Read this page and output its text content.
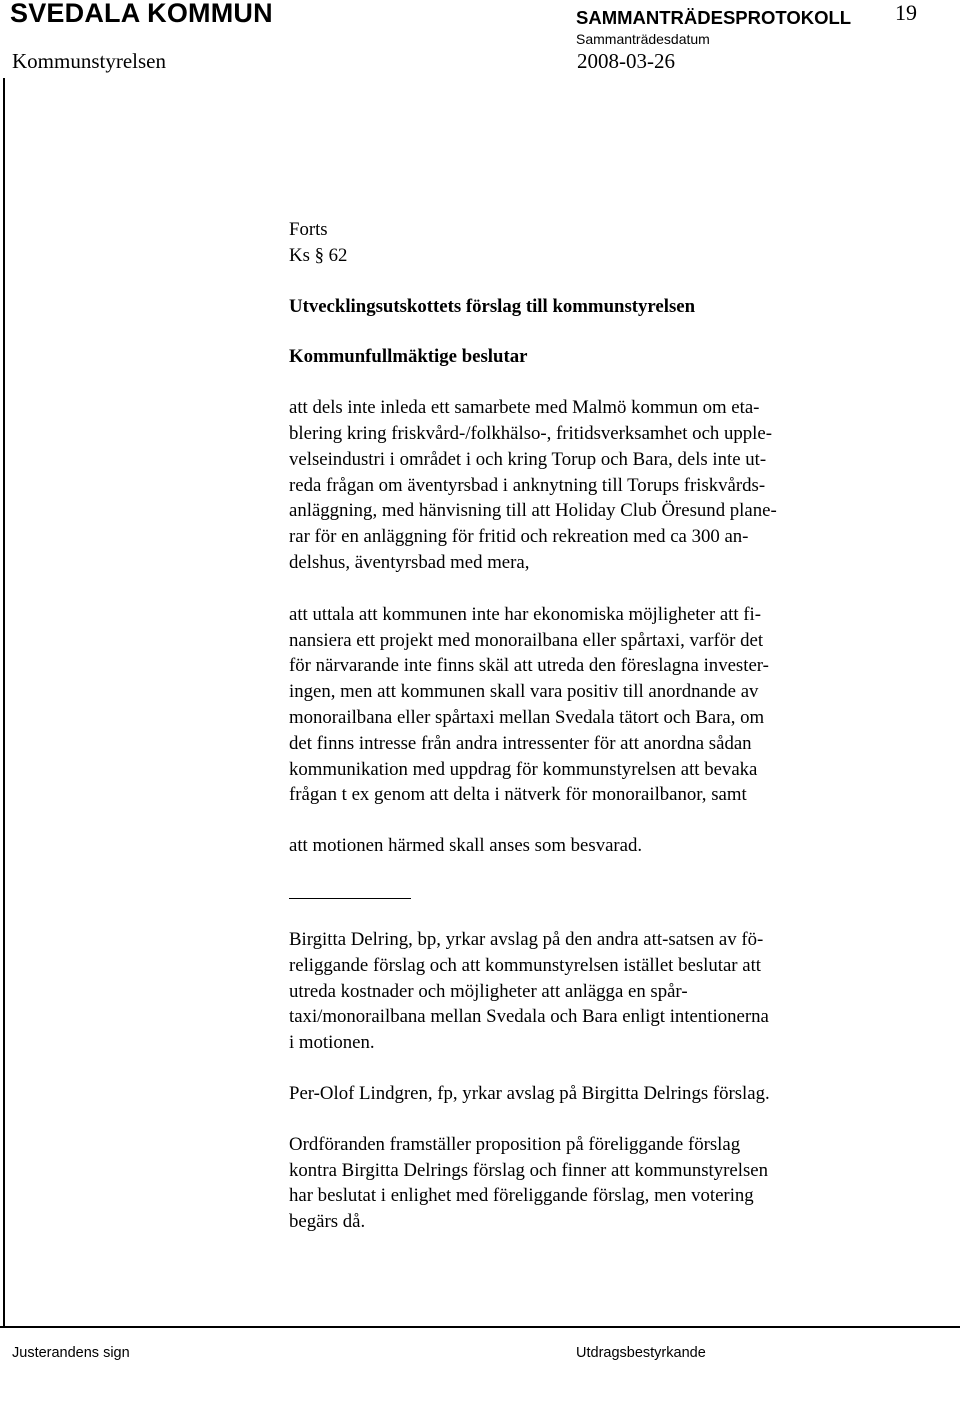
SVEDALA KOMMUN	SAMMANTRÄDESPROTOKOLL 19
Kommunstyrelsen
Sammanträdesdatum
2008-03-26

Forts

Ks § 62

Utvecklingsutskottets förslag till kommunstyrelsen

Kommunfullmäktige beslutar

att dels inte inleda ett samarbete med Malmö kommun om eta-

blering kring friskvård-/folkhälso-, fritidsverksamhet och upple-

velseindustri i området i och kring Torup och Bara, dels inte ut-

reda frågan om äventyrsbad i anknytning till Torups friskvårds-

anläggning, med hänvisning till att Holiday Club Öresund plane-

rar för en anläggning för fritid och rekreation med ca 300 an-

delshus, äventyrsbad med mera,

att uttala att kommunen inte har ekonomiska möjligheter att fi-

nansiera ett projekt med monorailbana eller spårtaxi, varför det

för närvarande inte finns skäl att utreda den föreslagna invester-

ingen, men att kommunen skall vara positiv till anordnande av

monorailbana eller spårtaxi mellan Svedala tätort och Bara, om

det finns intresse från andra intressenter för att anordna sådan

kommunikation med uppdrag för kommunstyrelsen att bevaka

frågan t ex genom att delta i nätverk för monorailbanor, samt

att motionen härmed skall anses som besvarad.

Birgitta Delring, bp, yrkar avslag på den andra att-satsen av fö-

religgande förslag och att kommunstyrelsen istället beslutar att

utreda kostnader och möjligheter att anlägga en spår-

taxi/monorailbana mellan Svedala och Bara enligt intentionerna

i motionen.

Per-Olof Lindgren, fp, yrkar avslag på Birgitta Delrings förslag.

Ordföranden framställer proposition på föreliggande förslag

kontra Birgitta Delrings förslag och finner att kommunstyrelsen

har beslutat i enlighet med föreliggande förslag, men votering

begärs då.

Justerandens sign	Utdragsbestyrkande
